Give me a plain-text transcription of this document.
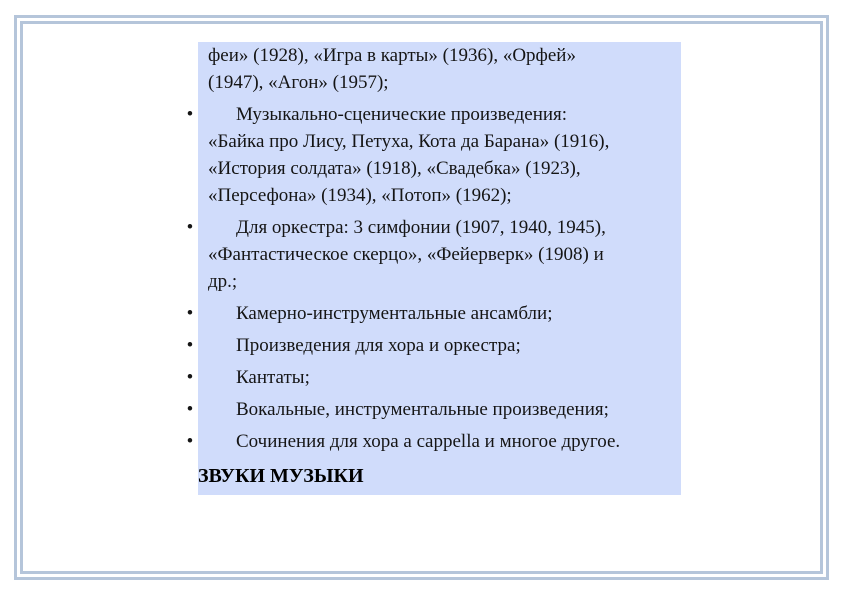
феи» (1928), «Игра в карты» (1936), «Орфей»
(1947), «Агон» (1957);
•	Музыкально-сценические произведения:
«Байка про Лису, Петуха, Кота да Барана» (1916),
«История солдата» (1918), «Свадебка» (1923),
«Персефона» (1934), «Потоп» (1962);
•	Для оркестра: 3 симфонии (1907, 1940, 1945),
«Фантастическое скерцо», «Фейерверк» (1908) и
др.;
•	Камерно-инструментальные ансамбли;
•	Произведения для хора и оркестра;
•	Кантаты;
•	Вокальные, инструментальные произведения;
•	Сочинения для хора а cappella и многое другое.
ЗВУКИ МУЗЫКИ
